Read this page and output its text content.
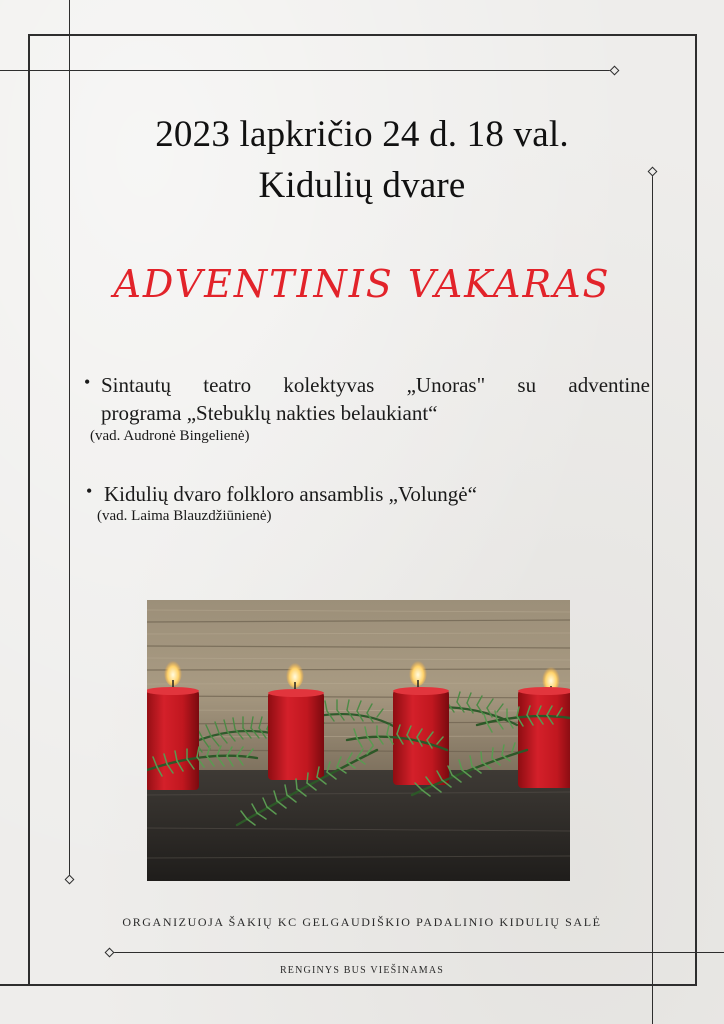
2023 lapkričio 24 d. 18 val.
Kidulių dvare
ADVENTINIS VAKARAS
• Sintautų teatro kolektyvas „Unoras" su adventine
programa „Stebuklų nakties belaukiant“
(vad. Audronė Bingelienė)
• Kidulių dvaro folkloro ansamblis „Volungė“
(vad. Laima Blauzdžiūnienė)
ORGANIZUOJA ŠAKIŲ KC GELGAUDIŠKIO PADALINIO KIDULIŲ SALĖ
RENGINYS BUS VIEŠINAMAS
